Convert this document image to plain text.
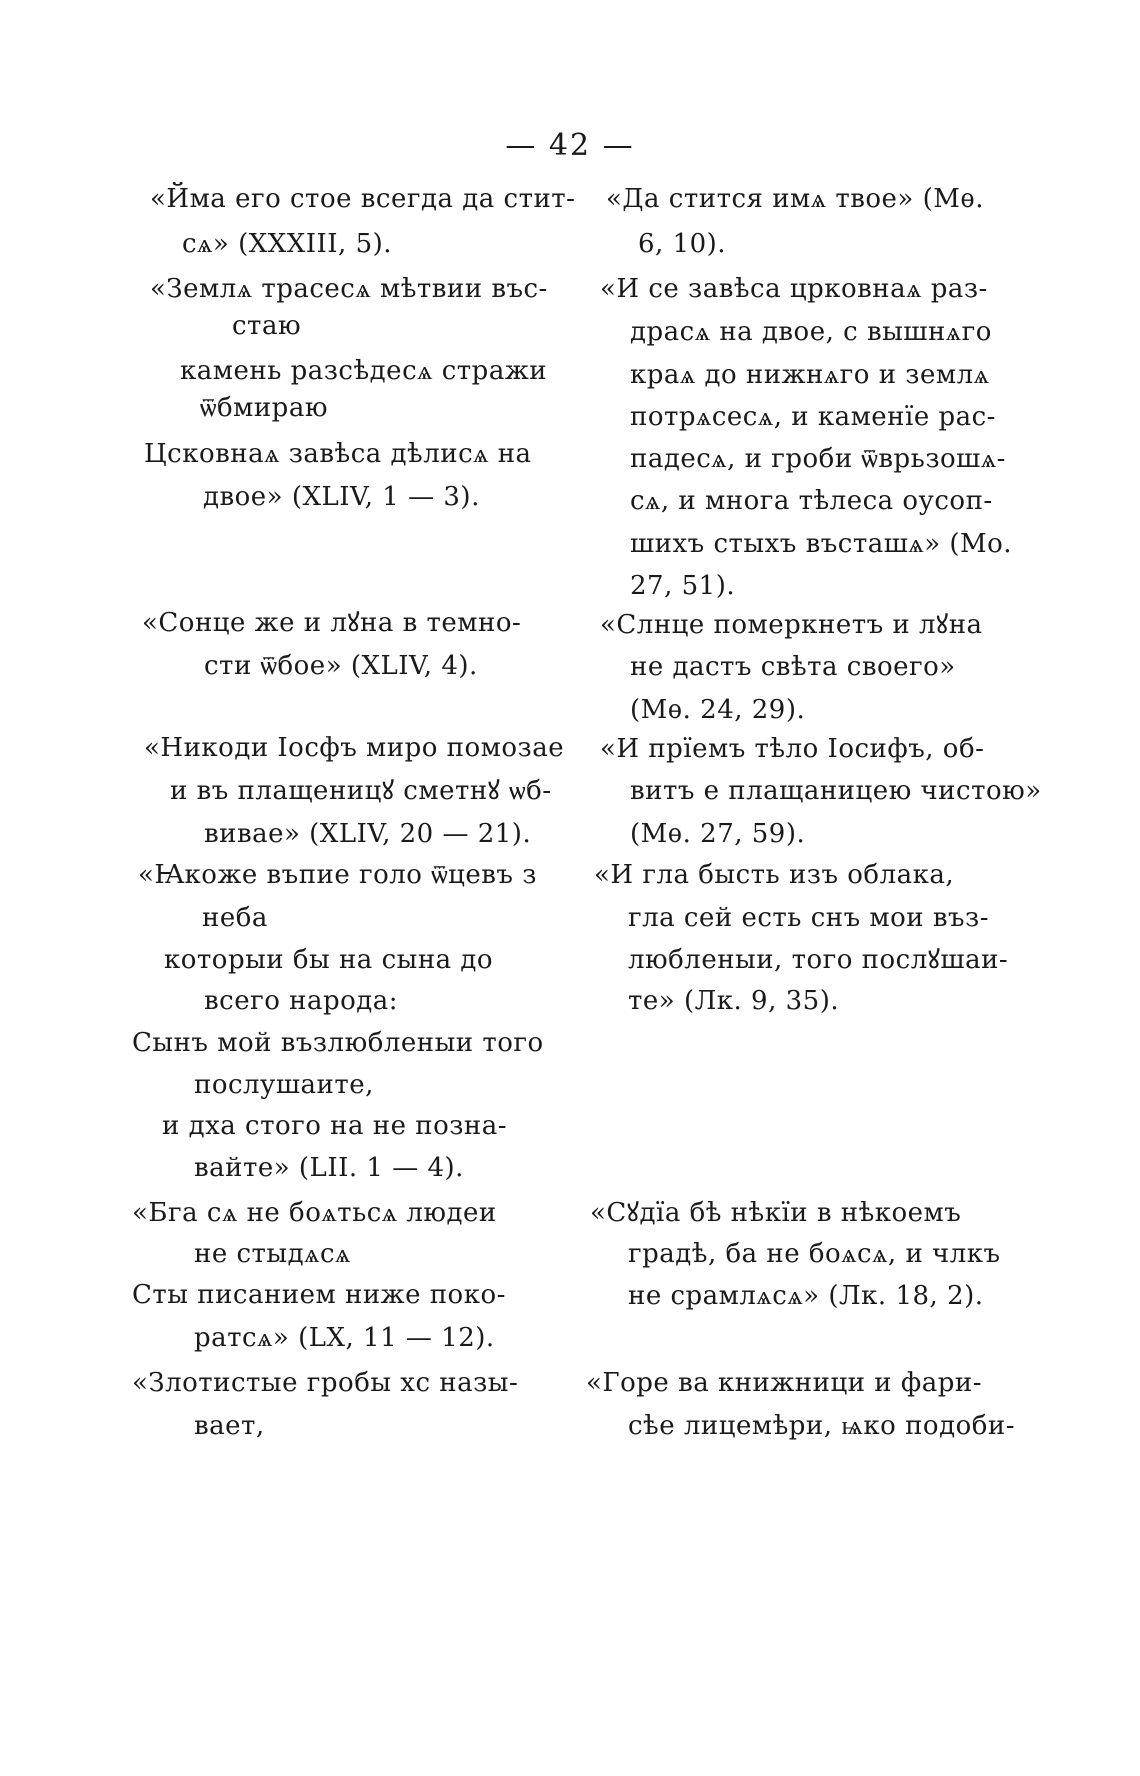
— 42 —
«Йма его стое всегда да стит-
сѧ» (XXXIII, 5).
«Землѧ трасесѧ мѣтвии въс-
стаю
камень разсѣдесѧ стражи
ѿбмираю
Цсковнаѧ завѣса дѣлисѧ на
двое» (XLIV, 1 — 3).
«Сонце же и лꙋна в темно-
сти ѿбое» (XLIV, 4).
«Никоди Іосфъ миро помозае
и въ плащеницꙋ сметнꙋ ѡб-
вивае» (XLIV, 20 — 21).
«Ꙗкоже въпие голо ѿцевъ з
неба
которыи бы на сына до
всего народа:
Сынъ мой възлюбленыи того
послушаите,
и дха стого на не позна-
вайте» (LII. 1 — 4).
«Бга сѧ не бoѧтьсѧ людеи
не стыдѧсѧ
Сты писанием ниже поко-
ратсѧ» (LX, 11 — 12).
«Злотистые гробы хс назы-
вает,
«Да стится имѧ твое» (Мѳ.
6, 10).
«И се завѣса црковнаѧ раз-
драсѧ на двое, с вышнѧго
краѧ до нижнѧго и землѧ
потрѧсесѧ, и каменїе рас-
падесѧ, и гроби ѿврьзошѧ-
сѧ, и многа тѣлеса оусоп-
шихъ стыхъ въсташѧ» (Мо.
27, 51).
«Слнце померкнетъ и лꙋна
не дастъ свѣта своего»
(Мѳ. 24, 29).
«И прїемъ тѣло Іосифъ, об-
витъ е плащаницею чистою»
(Мѳ. 27, 59).
«И гла бысть изъ облака,
гла сей есть снъ мои въз-
любленыи, того послꙋшаи-
те» (Лк. 9, 35).
«Сꙋдїа бѣ нѣкїи в нѣкоемъ
градѣ, ба не боѧсѧ, и члкъ
не срамлѧсѧ» (Лк. 18, 2).
«Горе ва книжници и фари-
сѣе лицемѣри, ѩко подоби-
